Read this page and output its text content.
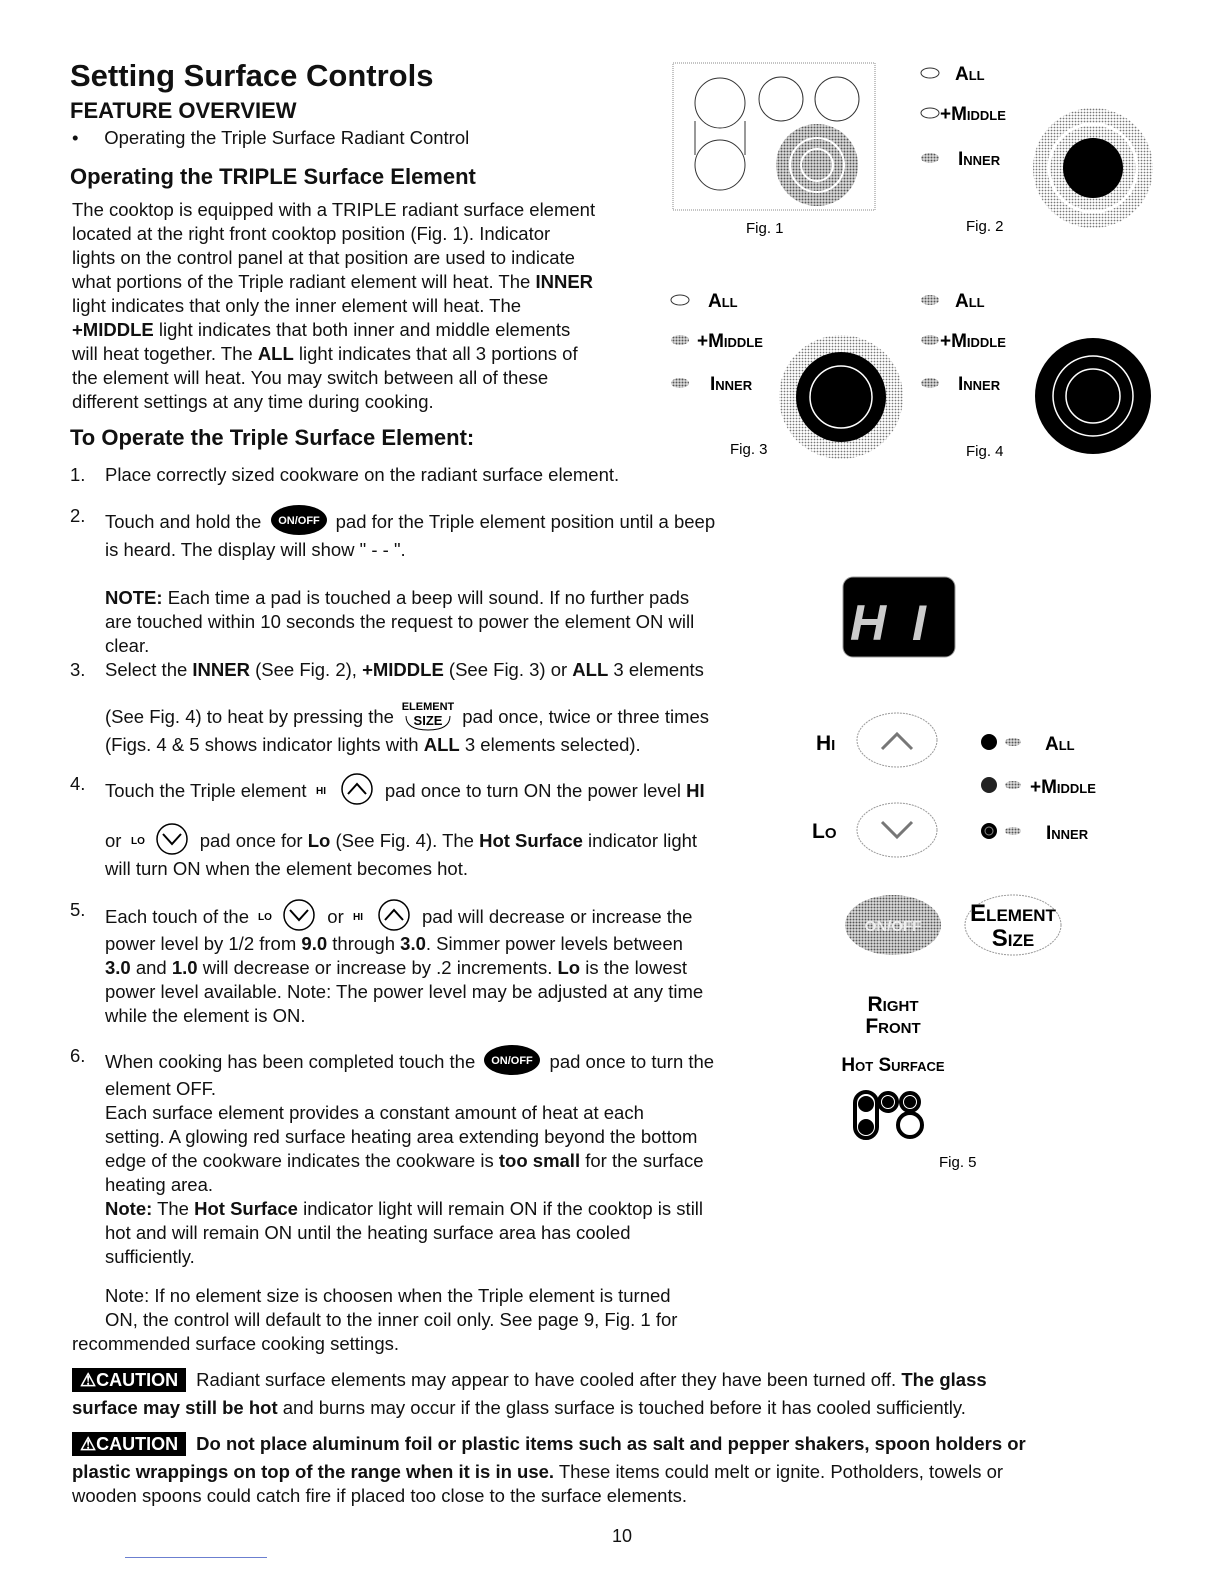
Setting Surface Controls
FEATURE OVERVIEW
•     Operating the Triple Surface Radiant Control
Operating the TRIPLE Surface Element
To Operate the Triple Surface Element:
The cooktop is equipped with a TRIPLE radiant surface element
located at the right front cooktop position (Fig. 1). Indicator
lights on the control panel at that position are used to indicate
what portions of the Triple radiant element will heat. The INNER
light indicates that only the inner element will heat. The
+MIDDLE light indicates that both inner and middle elements
will heat together. The ALL light indicates that all 3 portions of
the element will heat. You may switch between all of these
different settings at any time during cooking.
1. Place correctly sized cookware on the radiant surface element.
2. Touch and hold the ON/OFF pad for the Triple element position until a beep
is heard. The display will show " - - ".
NOTE: Each time a pad is touched a beep will sound. If no further pads
are touched within 10 seconds the request to power the element ON will
clear.
3. Select the INNER (See Fig. 2), +MIDDLE (See Fig. 3) or ALL 3 elements
(See Fig. 4) to heat by pressing the ELEMENT
SIZE pad once, twice or three times
(Figs. 4 & 5 shows indicator lights with ALL 3 elements selected).
4. Touch the Triple element HI	pad once to turn ON the power level HI
or LO	pad once for Lo (See Fig. 4). The Hot Surface indicator light
will turn ON when the element becomes hot.
5. Each touch of the LO	or HI	pad will decrease or increase the
power level by 1/2 from 9.0 through 3.0. Simmer power levels between
3.0 and 1.0 will decrease or increase by .2 increments. Lo is the lowest
power level available. Note: The power level may be adjusted at any time
while the element is ON.
6. When cooking has been completed touch the ON/OFF pad once to turn the
element OFF.
Each surface element provides a constant amount of heat at each
setting. A glowing red surface heating area extending beyond the bottom
edge of the cookware indicates the cookware is too small for the surface
heating area.
Note: The Hot Surface indicator light will remain ON if the cooktop is still
hot and will remain ON until the heating surface area has cooled
sufficiently.
Note: If no element size is choosen when the Triple element is turned
ON, the control will default to the inner coil only. See page 9, Fig. 1 for
recommended surface cooking settings.
⚠CAUTION Radiant surface elements may appear to have cooled after they have been turned off. The glass
surface may still be hot and burns may occur if the glass surface is touched before it has cooled sufficiently.
⚠CAUTION Do not place aluminum foil or plastic items such as salt and pepper shakers, spoon holders or
plastic wrappings on top of the range when it is in use. These items could melt or ignite. Potholders, towels or
wooden spoons could catch fire if placed too close to the surface elements.
10
Fig. 1
All
+Middle
Inner
Fig. 2
All
+Middle
Inner
Fig. 3
All
+Middle
Inner
Fig. 4
H I
Hi
Lo
All
+Middle
Inner
ON/OFF Element
Size
Right
Front
Hot Surface
Fig. 5
